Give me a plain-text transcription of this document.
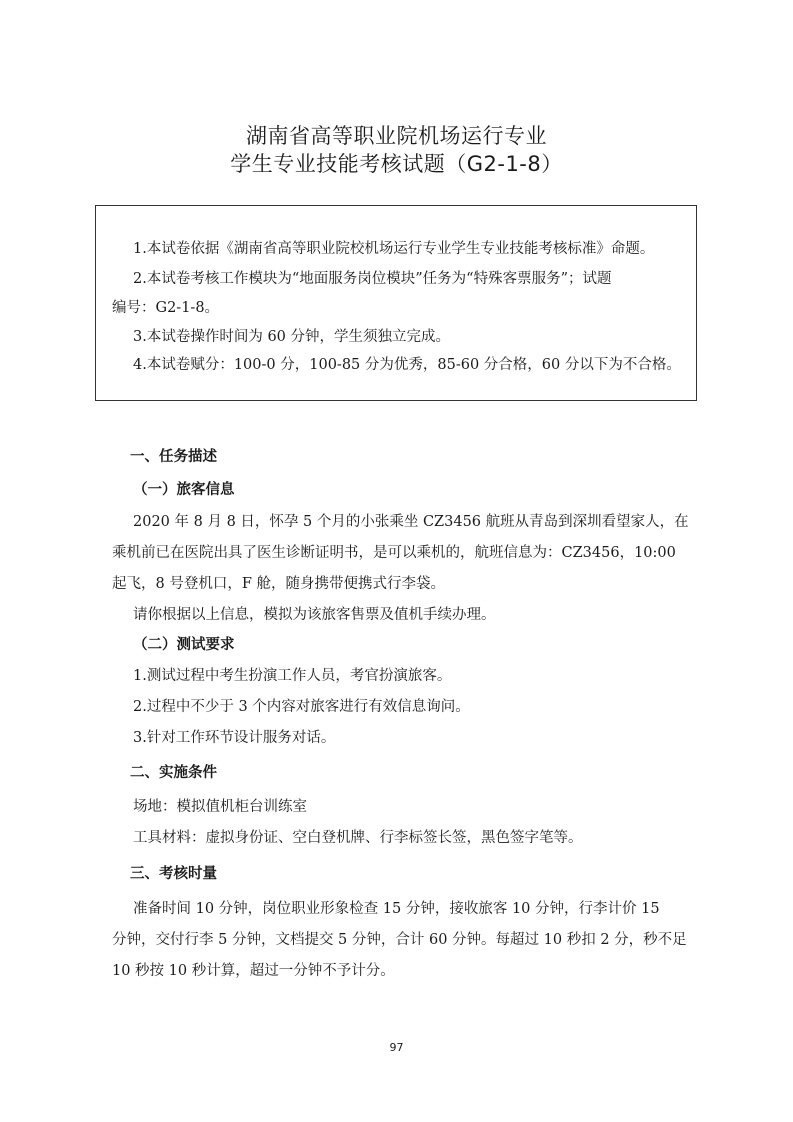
湖南省高等职业院机场运行专业
学生专业技能考核试题（G2-1-8）
1.本试卷依据《湖南省高等职业院校机场运行专业学生专业技能考核标准》命题。
2.本试卷考核工作模块为“地面服务岗位模块”任务为“特殊客票服务”；试题
编号：G2-1-8。
3.本试卷操作时间为 60 分钟，学生须独立完成。
4.本试卷赋分：100-0 分，100-85 分为优秀，85-60 分合格，60 分以下为不合格。
一、任务描述
（一）旅客信息
2020 年 8 月 8 日，怀孕 5 个月的小张乘坐 CZ3456 航班从青岛到深圳看望家人，在
乘机前已在医院出具了医生诊断证明书，是可以乘机的，航班信息为：CZ3456，10:00
起飞，8 号登机口，F 舱，随身携带便携式行李袋。
请你根据以上信息，模拟为该旅客售票及值机手续办理。
（二）测试要求
1.测试过程中考生扮演工作人员，考官扮演旅客。
2.过程中不少于 3 个内容对旅客进行有效信息询问。
3.针对工作环节设计服务对话。
二、实施条件
场地：模拟值机柜台训练室
工具材料：虚拟身份证、空白登机牌、行李标签长签，黑色签字笔等。
三、考核时量
准备时间 10 分钟，岗位职业形象检查 15 分钟，接收旅客 10 分钟，行李计价 15
分钟，交付行李 5 分钟，文档提交 5 分钟，合计 60 分钟。每超过 10 秒扣 2 分，秒不足
10 秒按 10 秒计算，超过一分钟不予计分。
97
